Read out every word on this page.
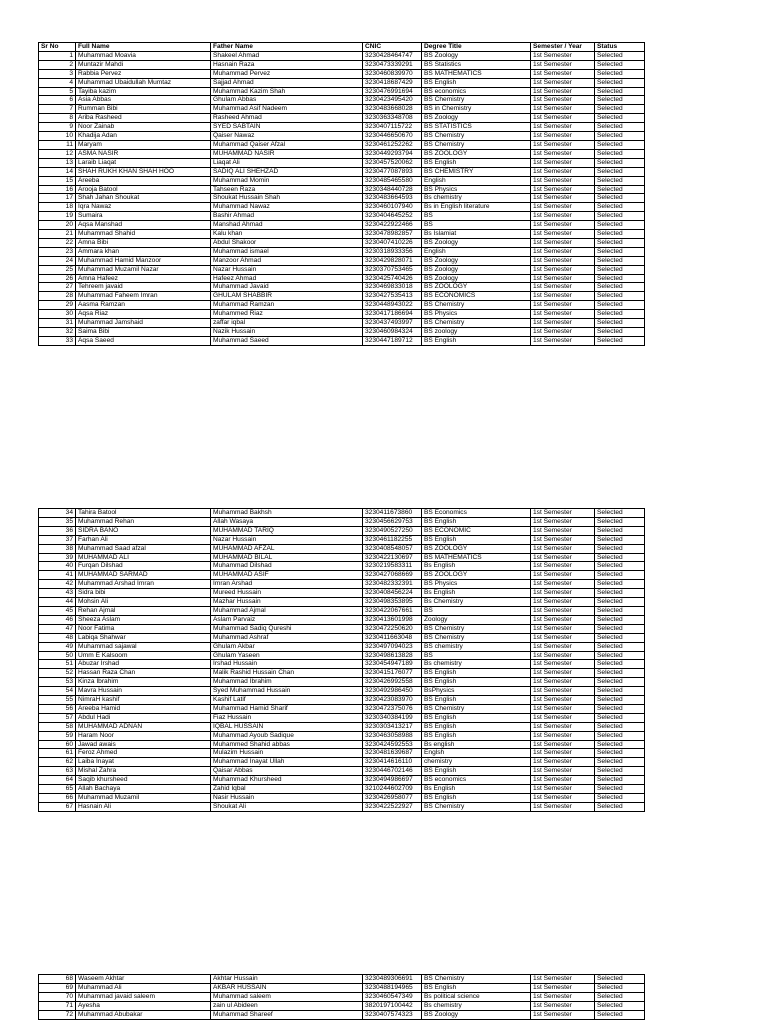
Sr No	Full Name	Father Name	CNIC	Degree Title	Semester / Year	Status
1	Muhammad Moavia	Shakeel Ahmad	3230428464747	BS Zoology	1st Semester	Selected
2	Muntazir Mahdi	Hasnain Raza	3230473339291	BS Statistics	1st Semester	Selected
3	Rabbia Pervez	Muhammad Pervez	3230460839970	BS MATHEMATICS	1st Semester	Selected
4	Muhammad Ubaidullah Mumtaz	Sajjad Ahmad	3230418687429	BS English	1st Semester	Selected
5	Tayiba kazim	Muhammad Kazim Shah	3230476991694	BS economics	1st Semester	Selected
6	Asia Abbas	Ghulam Abbas	3230423495420	BS Chemistry	1st Semester	Selected
7	Rumman Bibi	Muhammad Asif Nadeem	3230483668028	BS in Chemistry	1st Semester	Selected
8	Ariba Rasheed	Rasheed Ahmad	3230363348708	BS Zoology	1st Semester	Selected
9	Noor Zainab	SYED SABTAIN	3230407115722	BS STATISTICS	1st Semester	Selected
10	Khadija Adan	Qaiser Nawaz	3230446650670	BS Chemistry	1st Semester	Selected
11	Maryam	Muhammad Qaiser Afzal	3230461252262	BS Chemistry	1st Semester	Selected
12	ASMA NASIR	MUHAMMAD NASIR	3230449293794	BS ZOOLOGY	1st Semester	Selected
13	Laraib Liaqat	Liaqat Ali	3230457520062	BS English	1st Semester	Selected
14	SHAH RUKH KHAN SHAH HOO	SADIQ ALI SHEHZAD	3230477087893	BS CHEMISTRY	1st Semester	Selected
15	Areeba	Muhammad Momin	3230485465580	English	1st Semester	Selected
16	Arooja Batool	Tahseen Raza	3230348440728	BS Physics	1st Semester	Selected
17	Shah Jahan Shoukat	Shoukat Hussain Shah	3230483664593	Bs chemistry	1st Semester	Selected
18	Iqra Nawaz	Muhammad Nawaz	3230460107940	Bs in English literature	1st Semester	Selected
19	Sumaira	Bashir Ahmad	3230404645252	BS	1st Semester	Selected
20	Aqsa Manshad	Manshad Ahmad	3230422922466	BS	1st Semester	Selected
21	Muhammad Shahid	Kalu khan	3230478982857	Bs Islamiat	1st Semester	Selected
22	Amna Bibi	Abdul Shakoor	3230407410226	BS Zoology	1st Semester	Selected
23	Ammara khan	Muhammad ismael	3230318933356	English	1st Semester	Selected
24	Muhammad Hamid Manzoor	Manzoor Ahmad	3230429828071	BS Zoology	1st Semester	Selected
25	Muhammad Muzamil Nazar	Nazar Hussain	3230370753465	BS Zoology	1st Semester	Selected
26	Amna Hafeez	Hafeez Ahmad	3230425740426	BS Zoology	1st Semester	Selected
27	Tehreem javaid	Muhammad Javaid	3230469833018	BS ZOOLOGY	1st Semester	Selected
28	Muhammad Faheem Imran	GHULAM SHABBIR	3230427535413	BS ECONOMICS	1st Semester	Selected
29	Aasma Ramzan	Muhammad Ramzan	3230448943022	BS Chemistry	1st Semester	Selected
30	Aqsa Riaz	Muhammed Riaz	3230417186694	BS Physics	1st Semester	Selected
31	Muhammad Jamshaid	zaffar iqbal	3230437493997	BS Chemistry	1st Semester	Selected
32	Saima Bibi	Nazik Hussain	3230460984324	BS zoology	1st Semester	Selected
33	Aqsa Saeed	Muhammad Saeed	3230447189712	BS English	1st Semester	Selected
34	Tahira Batool	Muhammad Bakhsh	3230411673860	BS Economics	1st Semester	Selected
35	Muhammad Rehan	Allah Wasaya	3230456629753	BS English	1st Semester	Selected
36	SIDRA BANO	MUHAMMAD TARIQ	3230490527250	BS ECONOMIC	1st Semester	Selected
37	Farhan Ali	Nazar Hussain	3230461182255	BS English	1st Semester	Selected
38	Muhammad Saad afzal	MUHAMMAD AFZAL	3230408548057	BS ZOOLOGY	1st Semester	Selected
39	MUHAMMAD ALI	MUHAMMAD BILAL	3230422130697	BS MATHEMATICS	1st Semester	Selected
40	Furqan Dilshad	Muhammad Dilshad	3230219583311	Bs English	1st Semester	Selected
41	MUHAMMAD SARMAD	MUHAMMAD ASIF	3230427068669	BS ZOOLOGY	1st Semester	Selected
42	Muhammad Arshad Imran	Imran Arshad	3230482332391	BS Physics	1st Semester	Selected
43	Sidra bibi	Mureed Hussain	3230408456224	Bs English	1st Semester	Selected
44	Mohsin Ali	Mazhar Hussain	3230498353895	Bs Chemistry	1st Semester	Selected
45	Rehan Ajmal	Muhammad Ajmal	3230422067661	BS	1st Semester	Selected
46	Sheeza Aslam	Aslam Parvaiz	3230413601998	Zoology	1st Semester	Selected
47	Noor Fatima	Muhammad Sadiq Qureshi	3230472250620	BS Chemistry	1st Semester	Selected
48	Labiqa Shahwar	Muhammad Ashraf	3230411663048	BS Chemistry	1st Semester	Selected
49	Muhammad sajawal	Ghulam Akbar	3230497094023	BS chemistry	1st Semester	Selected
50	Umm E Kalsoom	Ghulam Yaseen	3230498613828	BS	1st Semester	Selected
51	Abuzar Irshad	Irshad Hussain	3230454947189	Bs chemistry	1st Semester	Selected
52	Hassan Raza Chan	Malik Rashid Hussain Chan	3230415176077	BS English	1st Semester	Selected
53	Kinza Ibrahim	Muhammad Ibrahim	3230426992558	BS English	1st Semester	Selected
54	Mavra Hussain	Syed Muhammad Hussain	3230492986450	BsPhysics	1st Semester	Selected
55	NimraH kashif	Kashif Latif	3230423083970	BS English	1st Semester	Selected
56	Areeba Hamid	Muhammad Hamid Sharif	3230472375076	BS Chemistry	1st Semester	Selected
57	Abdul Hadi	Fiaz Hussain	3230340384199	BS English	1st Semester	Selected
58	MUHAMMAD ADNAN	IQBAL HUSSAIN	3230303413217	BS English	1st Semester	Selected
59	Haram Noor	Muhammad Ayoub Sadique	3230463058988	BS English	1st Semester	Selected
60	Jawad awais	Muhammed Shahid abbas	3230424592553	Bs english	1st Semester	Selected
61	Feroz Ahmed	Mulazim Hussain	3230481639687	Englsh	1st Semester	Selected
62	Laiba Inayat	Muhammad Inayat Ullah	3230414616110	chemistry	1st Semester	Selected
63	Mishal Zahra	Qaisar Abbas	3230446702146	BS English	1st Semester	Selected
64	Saqib khursheed	Muhammad Khursheed	3230494986697	BS economics	1st Semester	Selected
65	Allah Bachaya	Zahid Iqbal	3210244602709	Bs English	1st Semester	Selected
66	Muhammad Muzamil	Nasir Hussain	3230426958077	BS English	1st Semester	Selected
67	Hasnain Ali	Shoukat Ali	3230422522927	BS Chemistry	1st Semester	Selected
68	Waseem Akhtar	Akhtar Hussain	3230489306691	BS Chemistry	1st Semester	Selected
69	Muhammad Ali	AKBAR HUSSAIN	3230488194965	BS English	1st Semester	Selected
70	Muhammad javaid saleem	Muhammad saleem	3230460547349	Bs political science	1st Semester	Selected
71	Ayesha	zain ul Abideen	3820197100442	Bs chemistry	1st Semester	Selected
72	Muhammad Abubakar	Muhammad Shareef	3230407574323	BS Zoology	1st Semester	Selected
